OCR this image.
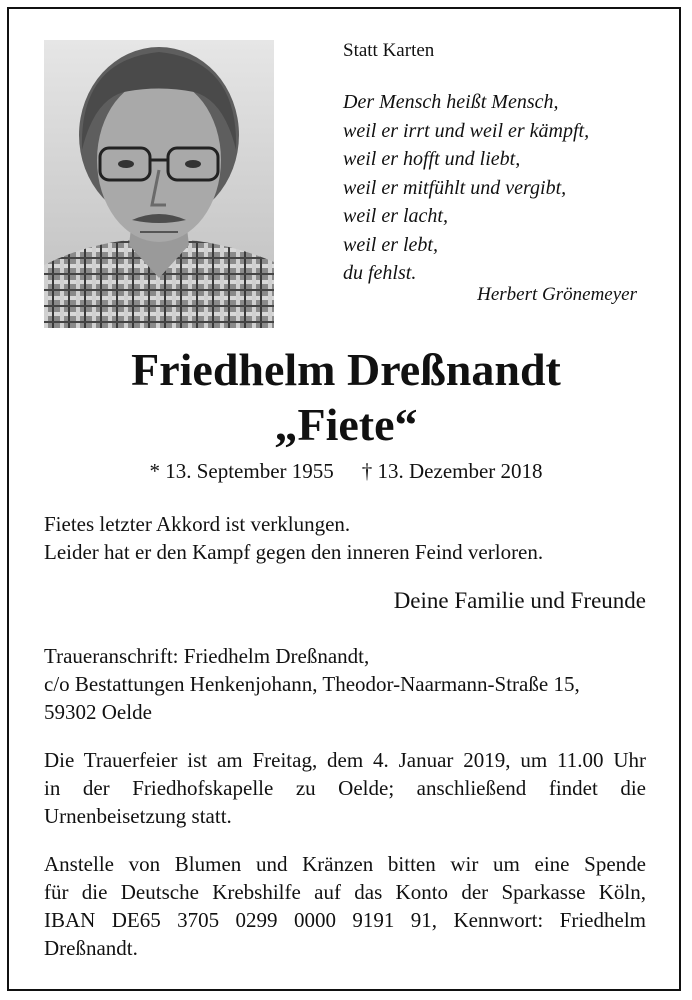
Statt Karten
Der Mensch heißt Mensch,
weil er irrt und weil er kämpft,
weil er hofft und liebt,
weil er mitfühlt und vergibt,
weil er lacht,
weil er lebt,
du fehlst.
Herbert Grönemeyer
Friedhelm Dreßnandt
„Fiete“
* 13. September 1955 † 13. Dezember 2018
Fietes letzter Akkord ist verklungen.
Leider hat er den Kampf gegen den inneren Feind verloren.
Deine Familie und Freunde
Traueranschrift: Friedhelm Dreßnandt,
c/o Bestattungen Henkenjohann, Theodor-Naarmann-Straße 15,
59302 Oelde
Die Trauerfeier ist am Freitag, dem 4. Januar 2019, um 11.00 Uhr
in der Friedhofskapelle zu Oelde; anschließend findet die
Urnenbeisetzung statt.
Anstelle von Blumen und Kränzen bitten wir um eine Spende
für die Deutsche Krebshilfe auf das Konto der Sparkasse Köln,
IBAN DE65 3705 0299 0000 9191 91, Kennwort: Friedhelm
Dreßnandt.
